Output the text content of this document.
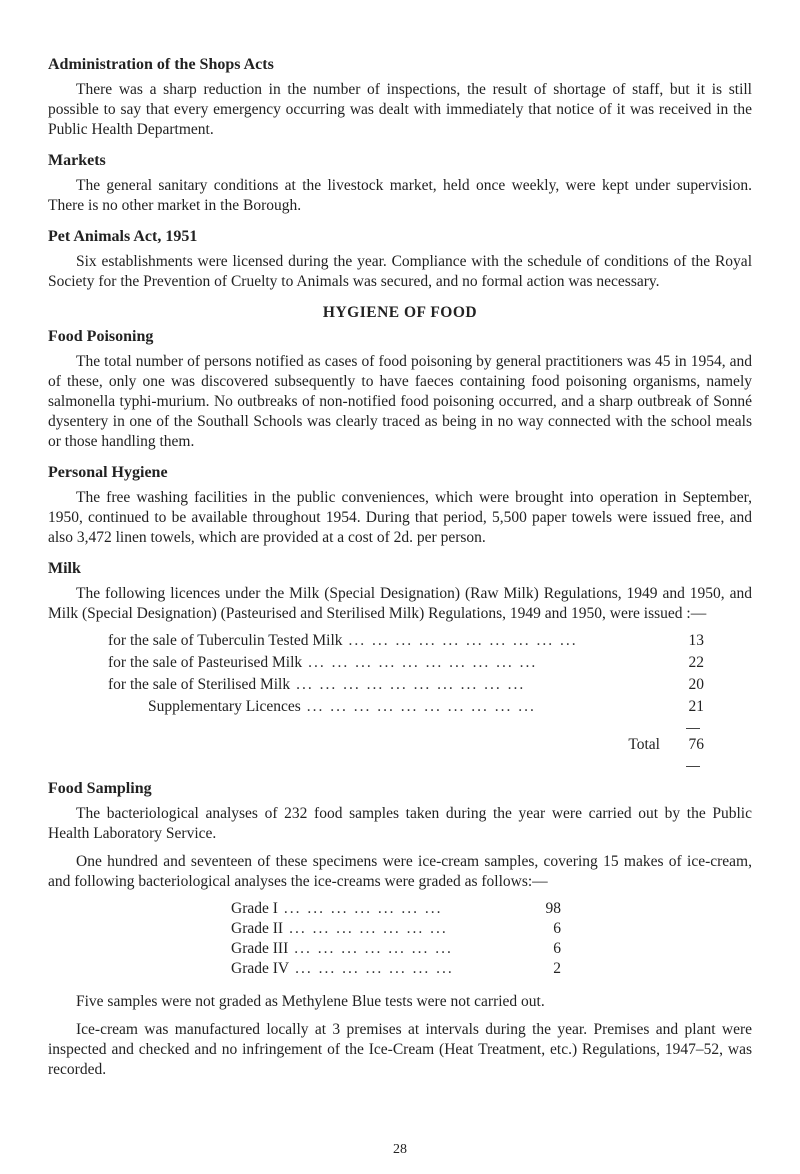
Administration of the Shops Acts

There was a sharp reduction in the number of inspections, the result of shortage of staff, but it is still possible to say that every emergency occurring was dealt with immediately that notice of it was received in the Public Health Department.

Markets

The general sanitary conditions at the livestock market, held once weekly, were kept under supervision. There is no other market in the Borough.

Pet Animals Act, 1951

Six establishments were licensed during the year. Compliance with the schedule of conditions of the Royal Society for the Prevention of Cruelty to Animals was secured, and no formal action was necessary.

HYGIENE OF FOOD
Food Poisoning

The total number of persons notified as cases of food poisoning by general practitioners was 45 in 1954, and of these, only one was discovered subsequently to have faeces containing food poisoning organisms, namely salmonella typhi-murium. No outbreaks of non-notified food poisoning occurred, and a sharp outbreak of Sonné dysentery in one of the Southall Schools was clearly traced as being in no way connected with the school meals or those handling them.

Personal Hygiene

The free washing facilities in the public conveniences, which were brought into operation in September, 1950, continued to be available throughout 1954. During that period, 5,500 paper towels were issued free, and also 3,472 linen towels, which are provided at a cost of 2d. per person.

Milk

The following licences under the Milk (Special Designation) (Raw Milk) Regulations, 1949 and 1950, and Milk (Special Designation) (Pasteurised and Sterilised Milk) Regulations, 1949 and 1950, were issued :—

for the sale of Tuberculin Tested Milk ... ... ... ... ... ... ... ... ... ...	13
for the sale of Pasteurised Milk ... ... ... ... ... ... ... ... ... ...	22
for the sale of Sterilised Milk ... ... ... ... ... ... ... ... ... ...	20
Supplementary Licences ... ... ... ... ... ... ... ... ... ...	21
Total	76
Food Sampling

The bacteriological analyses of 232 food samples taken during the year were carried out by the Public Health Laboratory Service.

One hundred and seventeen of these specimens were ice-cream samples, covering 15 makes of ice-cream, and following bacteriological analyses the ice-creams were graded as follows:—

Grade I ... ... ... ... ... ... ...	98
Grade II ... ... ... ... ... ... ...	6
Grade III ... ... ... ... ... ... ...	6
Grade IV ... ... ... ... ... ... ...	2

Five samples were not graded as Methylene Blue tests were not carried out.

Ice-cream was manufactured locally at 3 premises at intervals during the year. Premises and plant were inspected and checked and no infringement of the Ice-Cream (Heat Treatment, etc.) Regulations, 1947–52, was recorded.

28
